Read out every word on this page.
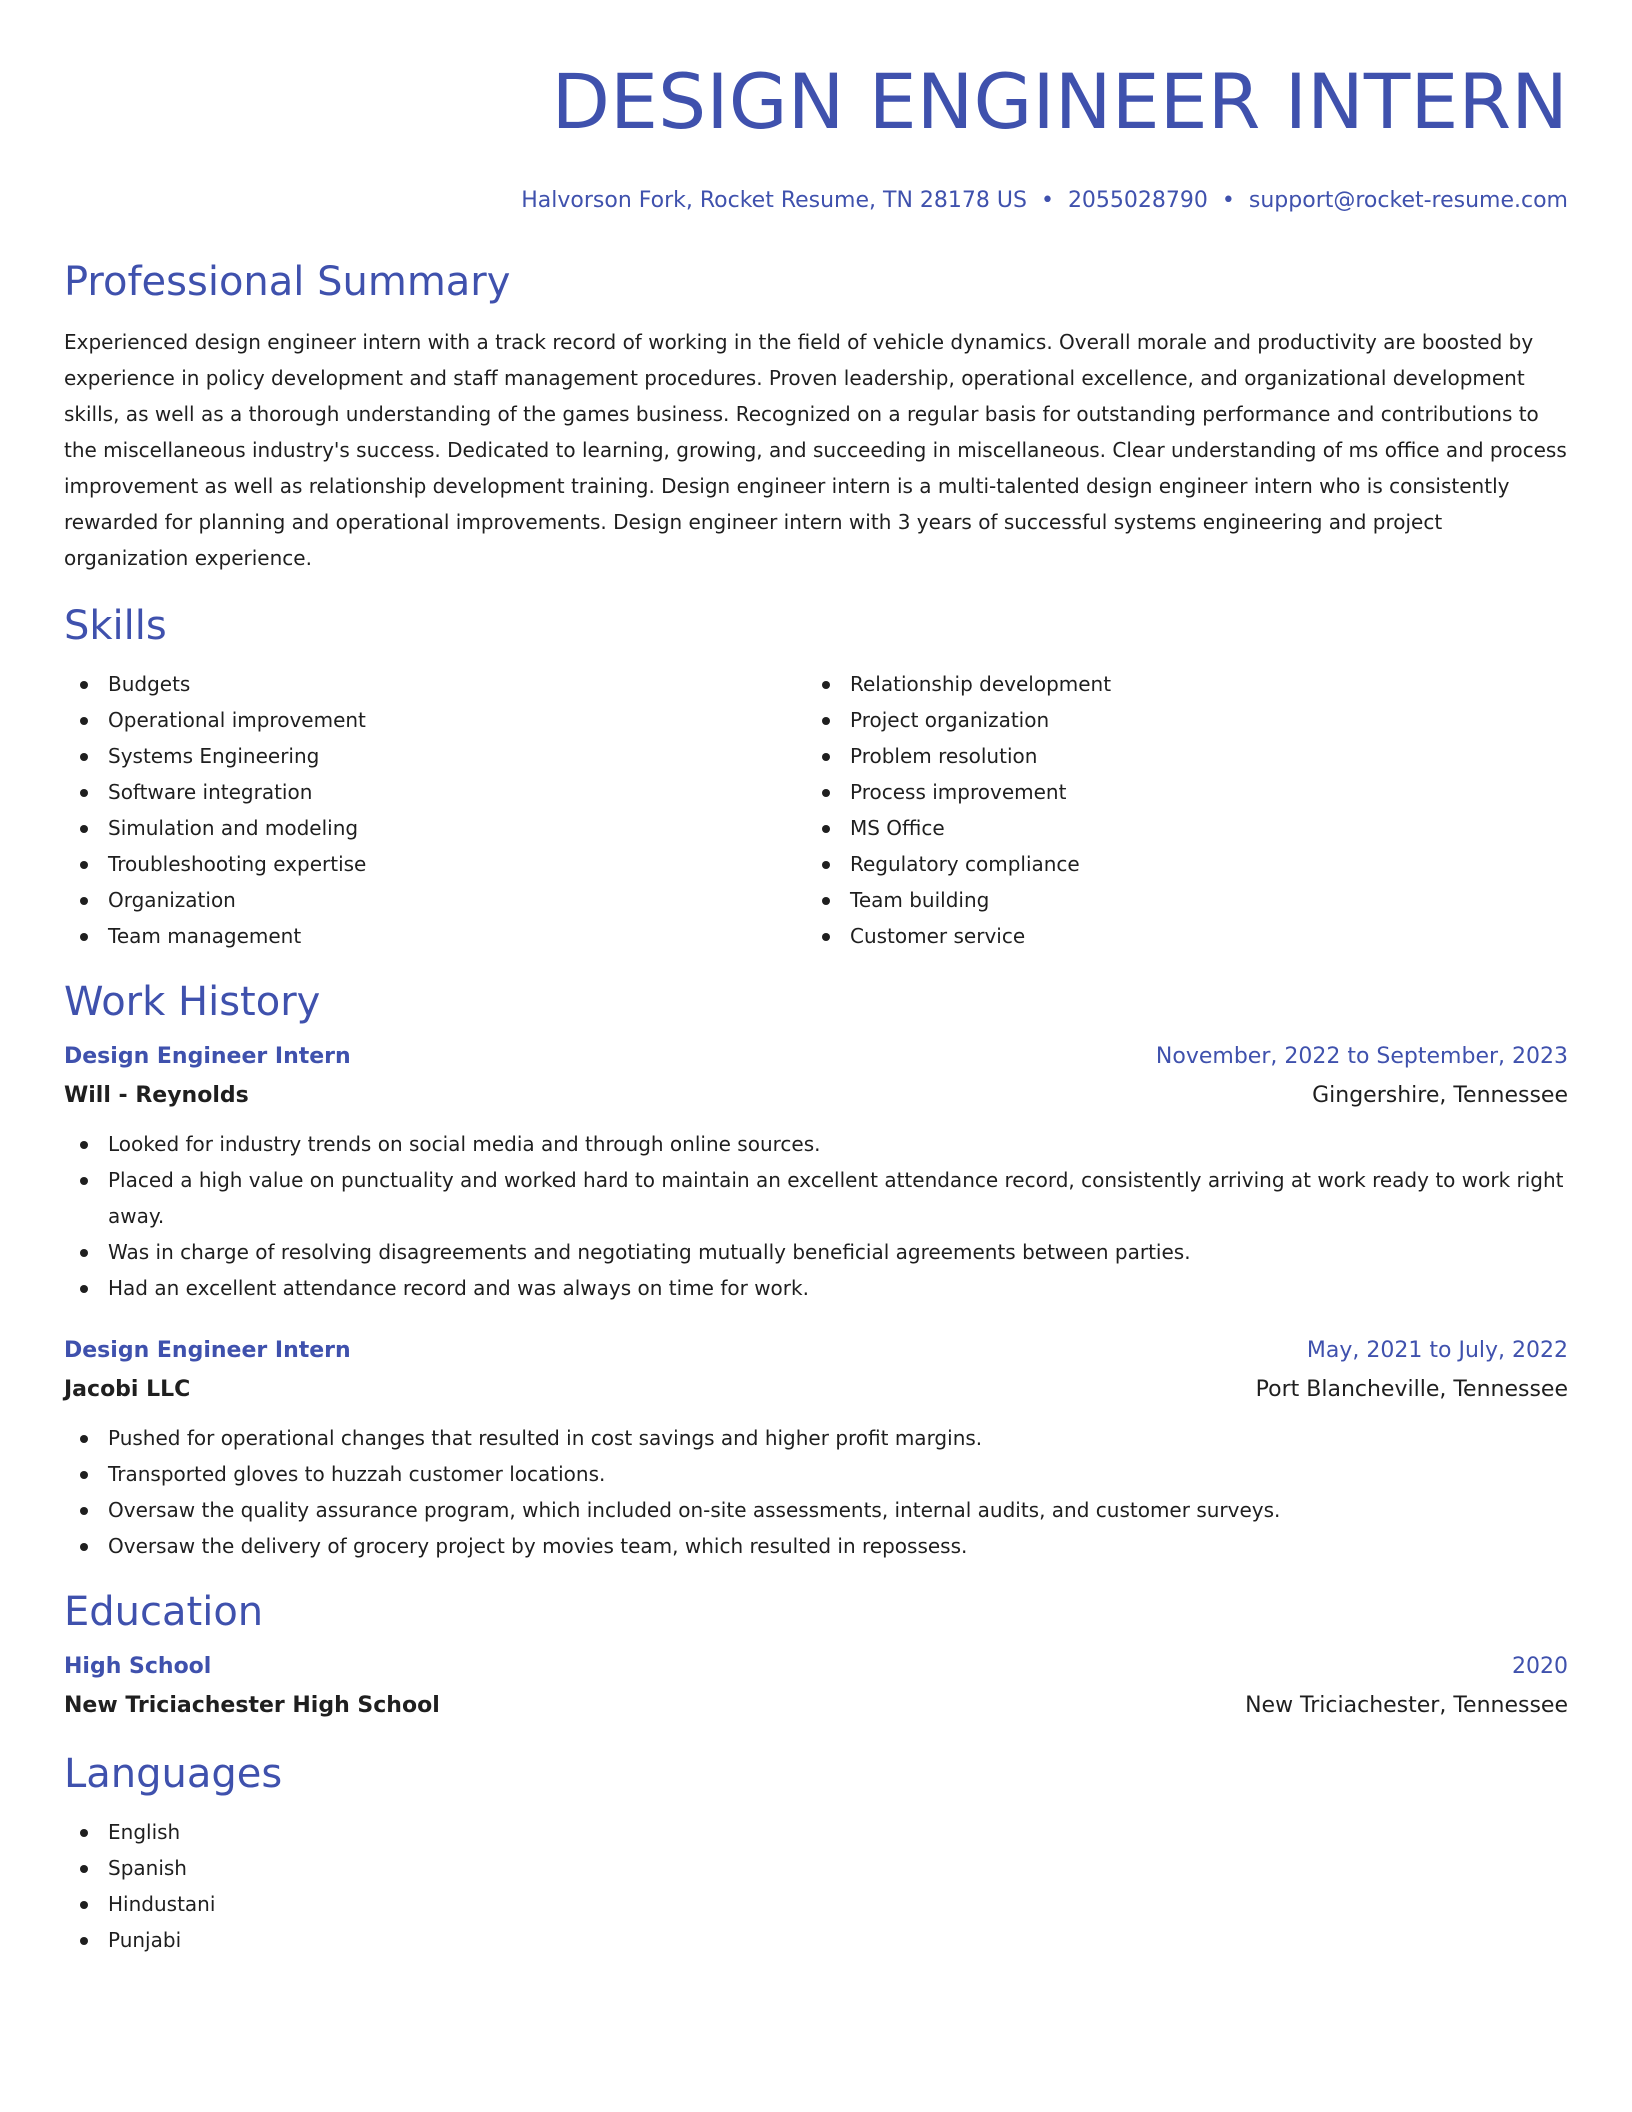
DESIGN ENGINEER INTERN
Halvorson Fork, Rocket Resume, TN 28178 US • 2055028790 • support@rocket-resume.com
Professional Summary

Experienced design engineer intern with a track record of working in the field of vehicle dynamics. Overall morale and productivity are boosted by experience in policy development and staff management procedures. Proven leadership, operational excellence, and organizational development skills, as well as a thorough understanding of the games business. Recognized on a regular basis for outstanding performance and contributions to the miscellaneous industry's success. Dedicated to learning, growing, and succeeding in miscellaneous. Clear understanding of ms office and process improvement as well as relationship development training. Design engineer intern is a multi-talented design engineer intern who is consistently rewarded for planning and operational improvements. Design engineer intern with 3 years of successful systems engineering and project organization experience.

Skills
Budgets
Operational improvement
Systems Engineering
Software integration
Simulation and modeling
Troubleshooting expertise
Organization
Team management
Relationship development
Project organization
Problem resolution
Process improvement
MS Office
Regulatory compliance
Team building
Customer service
Work History
Design Engineer Intern	November, 2022 to September, 2023
Will - Reynolds	Gingershire, Tennessee
Looked for industry trends on social media and through online sources.
Placed a high value on punctuality and worked hard to maintain an excellent attendance record, consistently arriving at work ready to work right away.
Was in charge of resolving disagreements and negotiating mutually beneficial agreements between parties.
Had an excellent attendance record and was always on time for work.
Design Engineer Intern	May, 2021 to July, 2022
Jacobi LLC	Port Blancheville, Tennessee
Pushed for operational changes that resulted in cost savings and higher profit margins.
Transported gloves to huzzah customer locations.
Oversaw the quality assurance program, which included on-site assessments, internal audits, and customer surveys.
Oversaw the delivery of grocery project by movies team, which resulted in repossess.
Education
High School	2020
New Triciachester High School	New Triciachester, Tennessee
Languages
English
Spanish
Hindustani
Punjabi
